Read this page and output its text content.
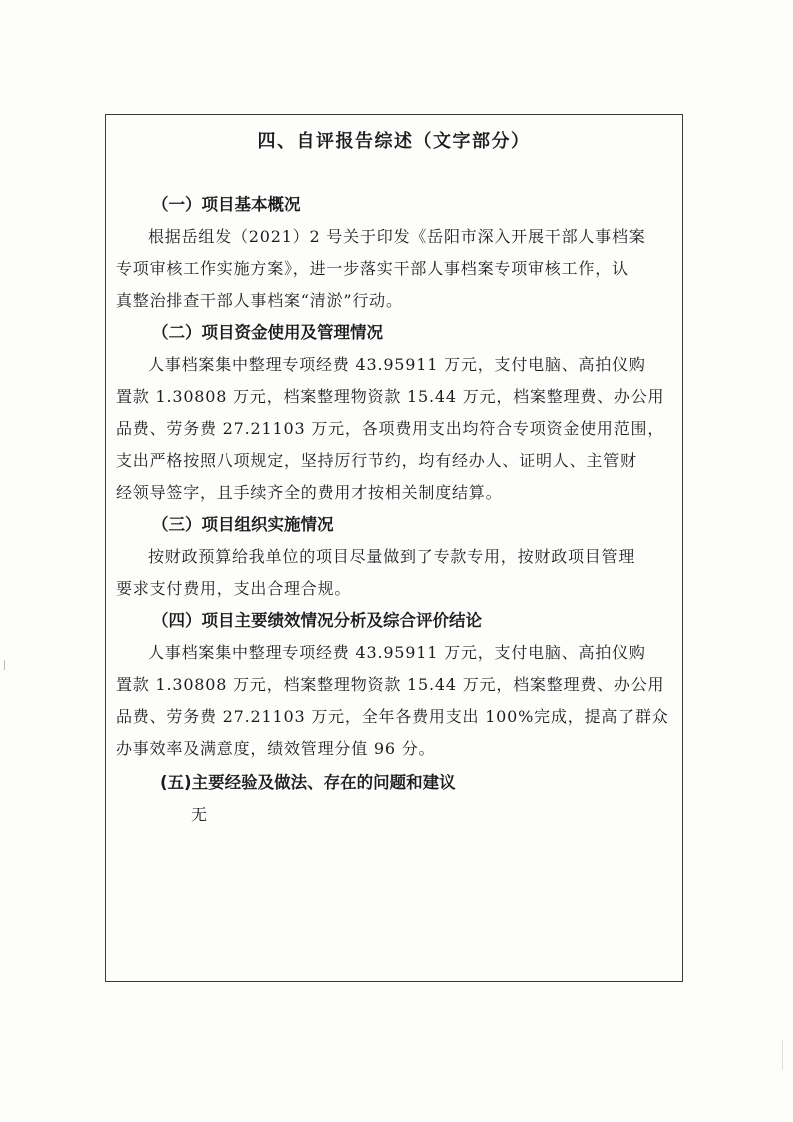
四、自评报告综述（文字部分）
（一）项目基本概况

根据岳组发（2021）2 号关于印发《岳阳市深入开展干部人事档案
专项审核工作实施方案》，进一步落实干部人事档案专项审核工作，认
真整治排查干部人事档案“清淤”行动。

（二）项目资金使用及管理情况

人事档案集中整理专项经费 43.95911 万元，支付电脑、高拍仪购
置款 1.30808 万元，档案整理物资款 15.44 万元，档案整理费、办公用
品费、劳务费 27.21103 万元，各项费用支出均符合专项资金使用范围，
支出严格按照八项规定，坚持厉行节约，均有经办人、证明人、主管财
经领导签字，且手续齐全的费用才按相关制度结算。

（三）项目组织实施情况

按财政预算给我单位的项目尽量做到了专款专用，按财政项目管理
要求支付费用，支出合理合规。

（四）项目主要绩效情况分析及综合评价结论

人事档案集中整理专项经费 43.95911 万元，支付电脑、高拍仪购
置款 1.30808 万元，档案整理物资款 15.44 万元，档案整理费、办公用
品费、劳务费 27.21103 万元，全年各费用支出 100%完成，提高了群众
办事效率及满意度，绩效管理分值 96 分。

(五)主要经验及做法、存在的问题和建议
无
